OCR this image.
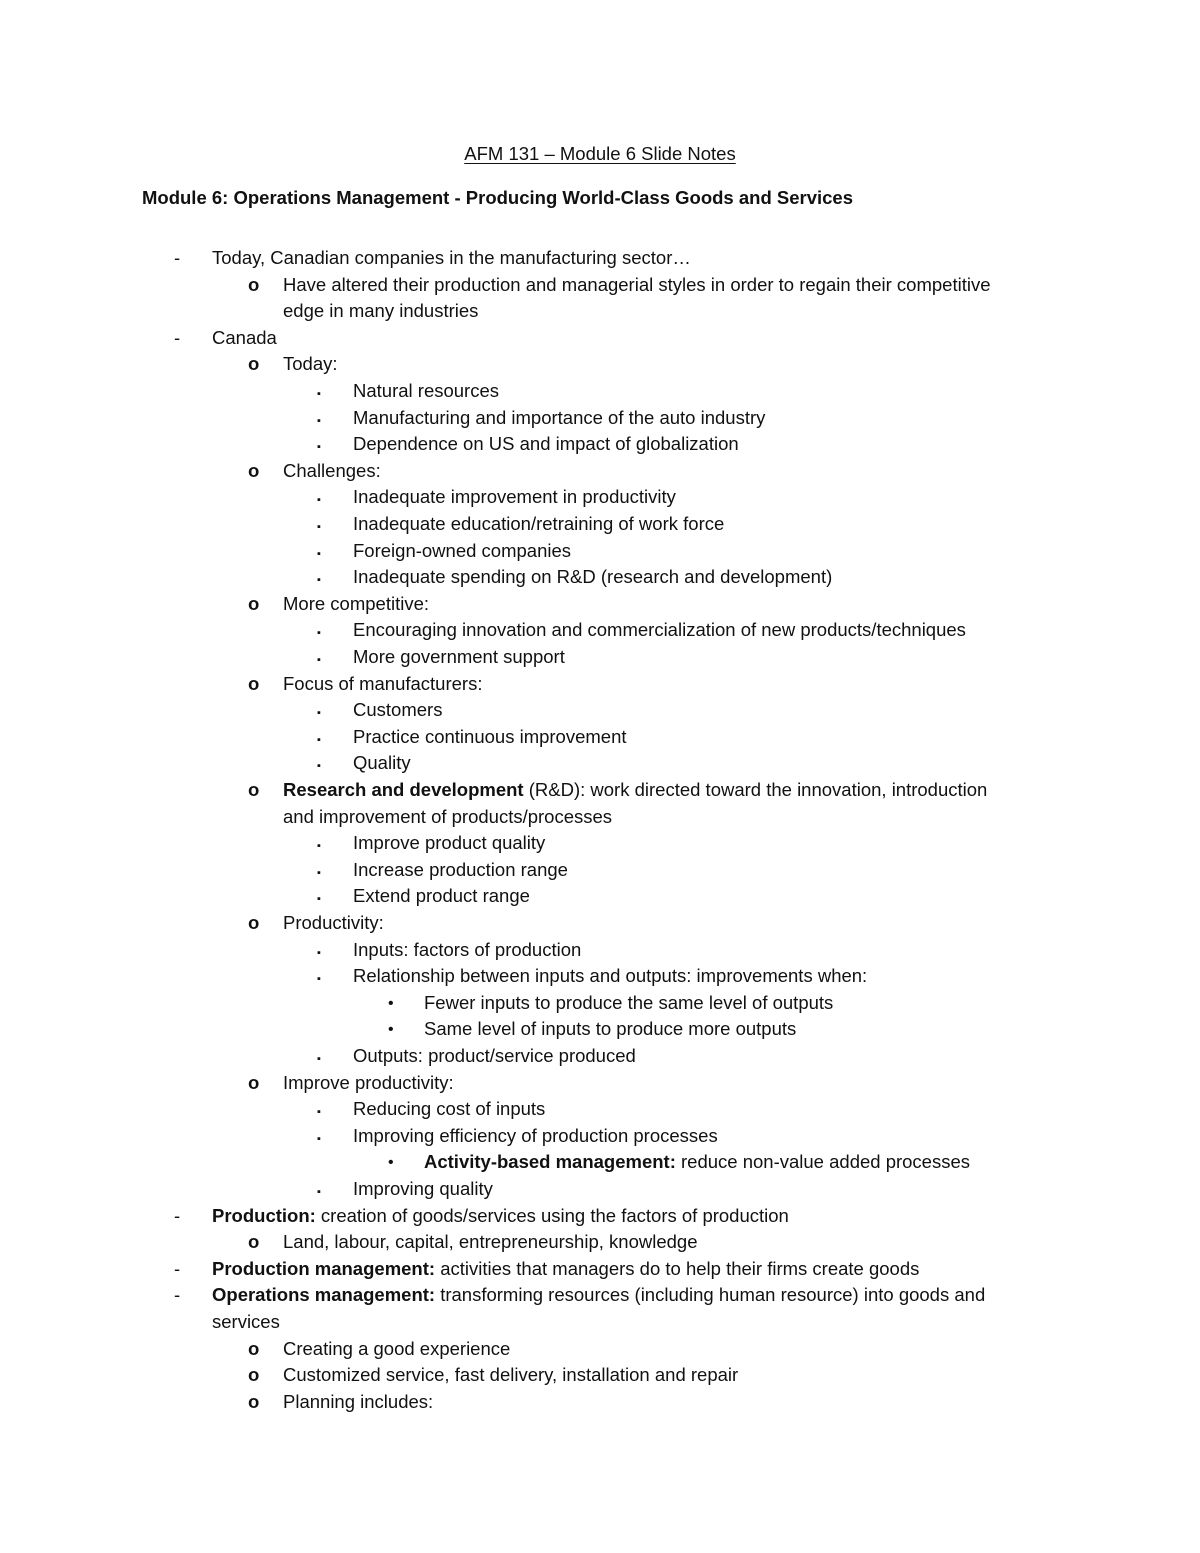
AFM 131 – Module 6 Slide Notes
Module 6: Operations Management - Producing World-Class Goods and Services
- Today, Canadian companies in the manufacturing sector…
o Have altered their production and managerial styles in order to regain their competitive
edge in many industries
- Canada
o Today:
▪ Natural resources
▪ Manufacturing and importance of the auto industry
▪ Dependence on US and impact of globalization
o Challenges:
▪ Inadequate improvement in productivity
▪ Inadequate education/retraining of work force
▪ Foreign-owned companies
▪ Inadequate spending on R&D (research and development)
o More competitive:
▪ Encouraging innovation and commercialization of new products/techniques
▪ More government support
o Focus of manufacturers:
▪ Customers
▪ Practice continuous improvement
▪ Quality
o Research and development (R&D): work directed toward the innovation, introduction
and improvement of products/processes
▪ Improve product quality
▪ Increase production range
▪ Extend product range
o Productivity:
▪ Inputs: factors of production
▪ Relationship between inputs and outputs: improvements when:
• Fewer inputs to produce the same level of outputs
• Same level of inputs to produce more outputs
▪ Outputs: product/service produced
o Improve productivity:
▪ Reducing cost of inputs
▪ Improving efficiency of production processes
• Activity-based management: reduce non-value added processes
▪ Improving quality
- Production: creation of goods/services using the factors of production
o Land, labour, capital, entrepreneurship, knowledge
- Production management: activities that managers do to help their firms create goods
- Operations management: transforming resources (including human resource) into goods and
services
o Creating a good experience
o Customized service, fast delivery, installation and repair
o Planning includes:
